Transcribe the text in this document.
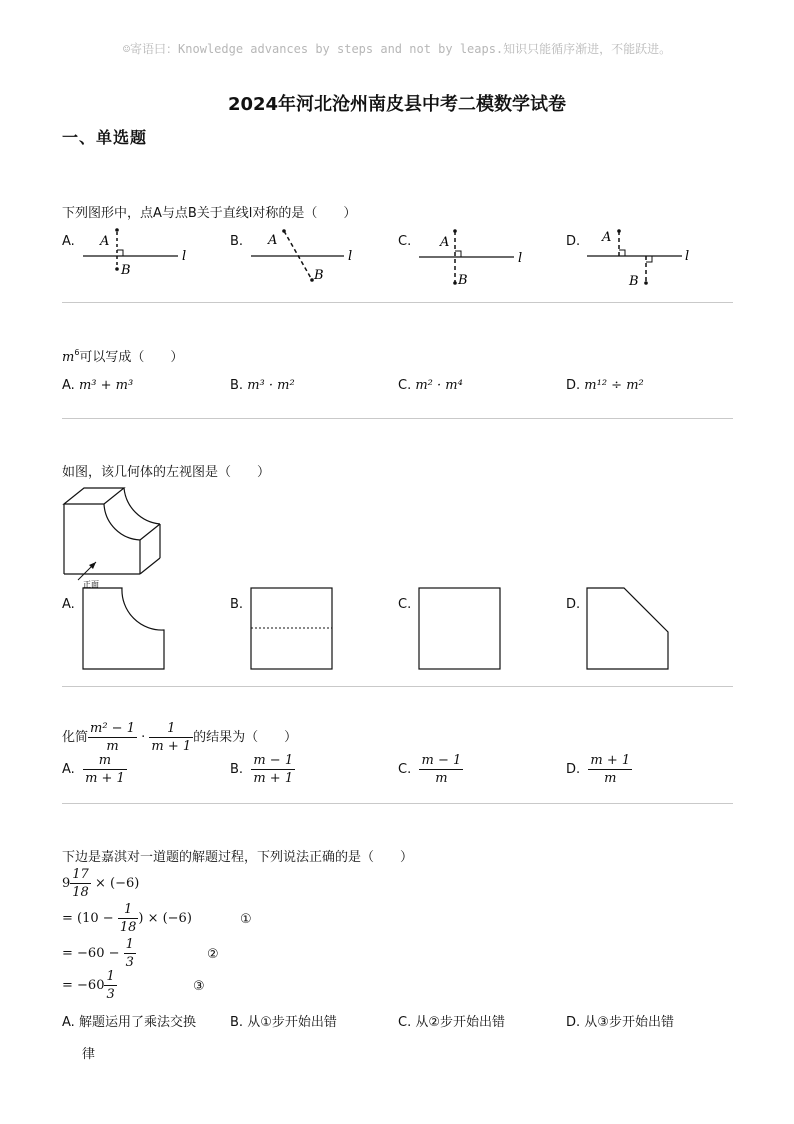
☺寄语曰：Knowledge advances by steps and not by leaps.知识只能循序渐进，不能跃进。
2024年河北沧州南皮县中考二模数学试卷
一、单选题
下列图形中，点A与点B关于直线l对称的是（　　）
A. A
B
l
B. A
B
l
C. A
B
l
D. A
B
l
$m^6$可以写成（　　）
A. m³ + m³	B. m³ · m²	C. m² · m⁴	D. m¹² ÷ m²
如图，该几何体的左视图是（　　）
正面
A.	B.	C.	D.
化简 $\frac{\text{m² − 1}}{m} \cdot \frac{1}{m + 1}$ 的结果为（　　）
A. $\frac{m}{m + 1}$	B. $\frac{m - 1}{m + 1}$	C. $\frac{m - 1}{m}$	D. $\frac{m + 1}{m}$
下边是嘉淇对一道题的解题过程，下列说法正确的是（　　）
$9 \frac{17}{18} \times (-6)$
= ($10 - \frac{1}{18}$ ) × (−6)	①
= $-60 - \frac{1}{3}$	②
= $-60 \frac{1}{3}$	③
A. 解题运用了乘法交换
律
B. 从①步开始出错	C. 从②步开始出错	D. 从③步开始出错
